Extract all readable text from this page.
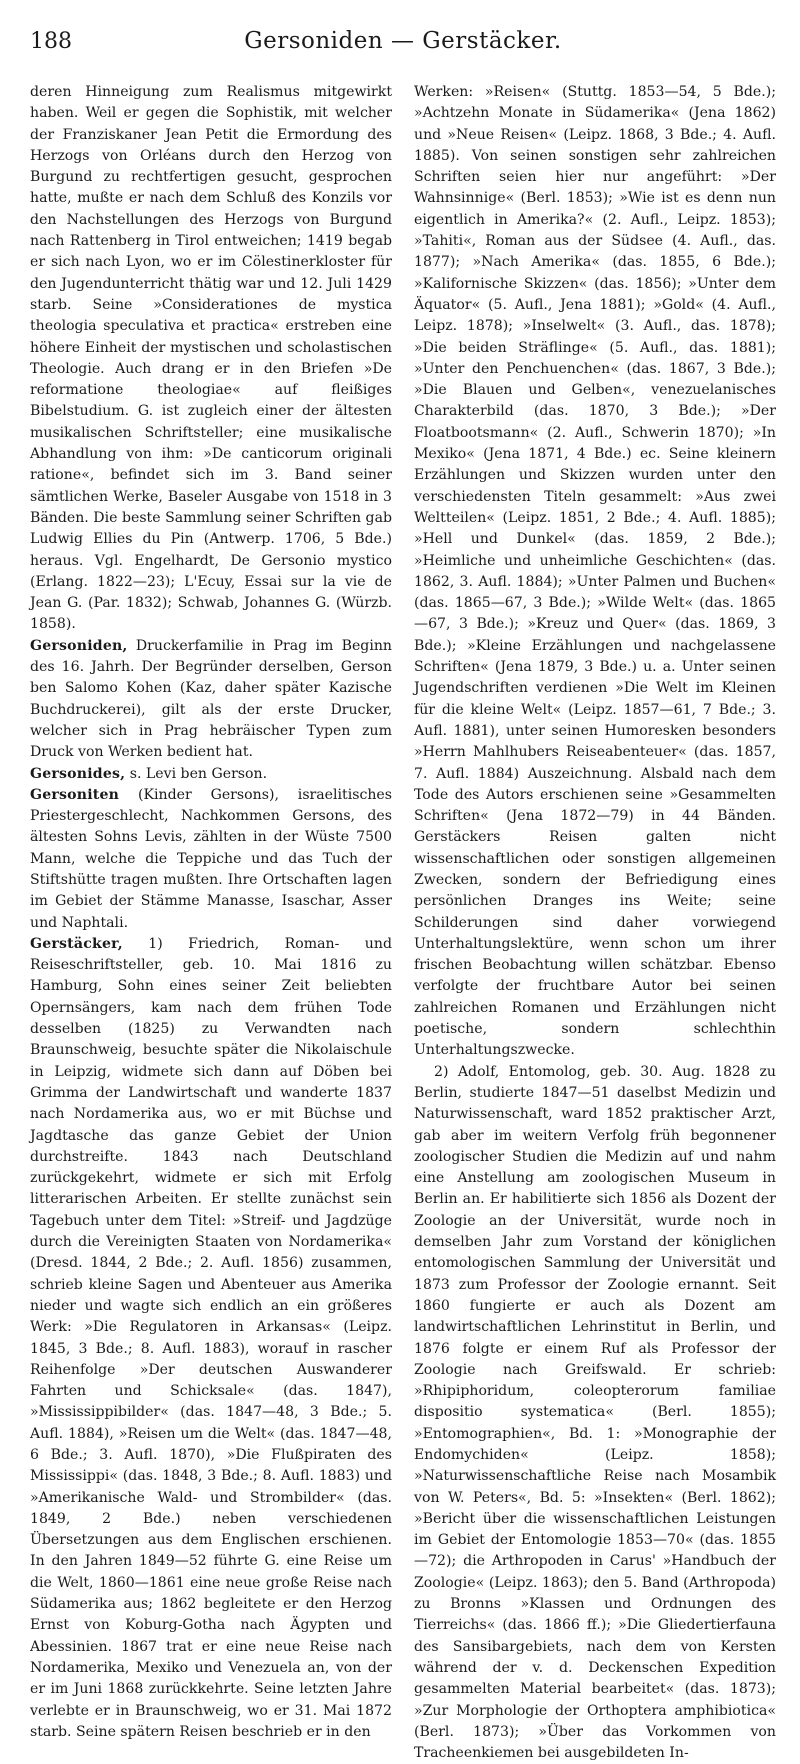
188	Gersoniden — Gerstäcker.

deren Hinneigung zum Realismus mitgewirkt haben. Weil er gegen die Sophistik, mit welcher der Franziskaner Jean Petit die Ermordung des Herzogs von Orléans durch den Herzog von Burgund zu rechtfertigen gesucht, gesprochen hatte, mußte er nach dem Schluß des Konzils vor den Nachstellungen des Herzogs von Burgund nach Rattenberg in Tirol entweichen; 1419 begab er sich nach Lyon, wo er im Cölestinerkloster für den Jugendunterricht thätig war und 12. Juli 1429 starb. Seine »Considerationes de mystica theologia speculativa et practica« erstreben eine höhere Einheit der mystischen und scholastischen Theologie. Auch drang er in den Briefen »De reformatione theologiae« auf fleißiges Bibelstudium. G. ist zugleich einer der ältesten musikalischen Schriftsteller; eine musikalische Abhandlung von ihm: »De canticorum originali ratione«, befindet sich im 3. Band seiner sämtlichen Werke, Baseler Ausgabe von 1518 in 3 Bänden. Die beste Sammlung seiner Schriften gab Ludwig Ellies du Pin (Antwerp. 1706, 5 Bde.) heraus. Vgl. Engelhardt, De Gersonio mystico (Erlang. 1822—23); L'Ecuy, Essai sur la vie de Jean G. (Par. 1832); Schwab, Johannes G. (Würzb. 1858).

Gersoniden, Druckerfamilie in Prag im Beginn des 16. Jahrh. Der Begründer derselben, Gerson ben Salomo Kohen (Kaz, daher später Kazische Buchdruckerei), gilt als der erste Drucker, welcher sich in Prag hebräischer Typen zum Druck von Werken bedient hat.

Gersonides, s. Levi ben Gerson.

Gersoniten (Kinder Gersons), israelitisches Priestergeschlecht, Nachkommen Gersons, des ältesten Sohns Levis, zählten in der Wüste 7500 Mann, welche die Teppiche und das Tuch der Stiftshütte tragen mußten. Ihre Ortschaften lagen im Gebiet der Stämme Manasse, Isaschar, Asser und Naphtali.

Gerstäcker, 1) Friedrich, Roman- und Reiseschriftsteller, geb. 10. Mai 1816 zu Hamburg, Sohn eines seiner Zeit beliebten Opernsängers, kam nach dem frühen Tode desselben (1825) zu Verwandten nach Braunschweig, besuchte später die Nikolaischule in Leipzig, widmete sich dann auf Döben bei Grimma der Landwirtschaft und wanderte 1837 nach Nordamerika aus, wo er mit Büchse und Jagdtasche das ganze Gebiet der Union durchstreifte. 1843 nach Deutschland zurückgekehrt, widmete er sich mit Erfolg litterarischen Arbeiten. Er stellte zunächst sein Tagebuch unter dem Titel: »Streif- und Jagdzüge durch die Vereinigten Staaten von Nordamerika« (Dresd. 1844, 2 Bde.; 2. Aufl. 1856) zusammen, schrieb kleine Sagen und Abenteuer aus Amerika nieder und wagte sich endlich an ein größeres Werk: »Die Regulatoren in Arkansas« (Leipz. 1845, 3 Bde.; 8. Aufl. 1883), worauf in rascher Reihenfolge »Der deutschen Auswanderer Fahrten und Schicksale« (das. 1847), »Mississippibilder« (das. 1847—48, 3 Bde.; 5. Aufl. 1884), »Reisen um die Welt« (das. 1847—48, 6 Bde.; 3. Aufl. 1870), »Die Flußpiraten des Mississippi« (das. 1848, 3 Bde.; 8. Aufl. 1883) und »Amerikanische Wald- und Strombilder« (das. 1849, 2 Bde.) neben verschiedenen Übersetzungen aus dem Englischen erschienen. In den Jahren 1849—52 führte G. eine Reise um die Welt, 1860—1861 eine neue große Reise nach Südamerika aus; 1862 begleitete er den Herzog Ernst von Koburg-Gotha nach Ägypten und Abessinien. 1867 trat er eine neue Reise nach Nordamerika, Mexiko und Venezuela an, von der er im Juni 1868 zurückkehrte. Seine letzten Jahre verlebte er in Braunschweig, wo er 31. Mai 1872 starb. Seine spätern Reisen beschrieb er in den

Werken: »Reisen« (Stuttg. 1853—54, 5 Bde.); »Achtzehn Monate in Südamerika« (Jena 1862) und »Neue Reisen« (Leipz. 1868, 3 Bde.; 4. Aufl. 1885). Von seinen sonstigen sehr zahlreichen Schriften seien hier nur angeführt: »Der Wahnsinnige« (Berl. 1853); »Wie ist es denn nun eigentlich in Amerika?« (2. Aufl., Leipz. 1853); »Tahiti«, Roman aus der Südsee (4. Aufl., das. 1877); »Nach Amerika« (das. 1855, 6 Bde.); »Kalifornische Skizzen« (das. 1856); »Unter dem Äquator« (5. Aufl., Jena 1881); »Gold« (4. Aufl., Leipz. 1878); »Inselwelt« (3. Aufl., das. 1878); »Die beiden Sträflinge« (5. Aufl., das. 1881); »Unter den Penchuenchen« (das. 1867, 3 Bde.); »Die Blauen und Gelben«, venezuelanisches Charakterbild (das. 1870, 3 Bde.); »Der Floatbootsmann« (2. Aufl., Schwerin 1870); »In Mexiko« (Jena 1871, 4 Bde.) ec. Seine kleinern Erzählungen und Skizzen wurden unter den verschiedensten Titeln gesammelt: »Aus zwei Weltteilen« (Leipz. 1851, 2 Bde.; 4. Aufl. 1885); »Hell und Dunkel« (das. 1859, 2 Bde.); »Heimliche und unheimliche Geschichten« (das. 1862, 3. Aufl. 1884); »Unter Palmen und Buchen« (das. 1865—67, 3 Bde.); »Wilde Welt« (das. 1865—67, 3 Bde.); »Kreuz und Quer« (das. 1869, 3 Bde.); »Kleine Erzählungen und nachgelassene Schriften« (Jena 1879, 3 Bde.) u. a. Unter seinen Jugendschriften verdienen »Die Welt im Kleinen für die kleine Welt« (Leipz. 1857—61, 7 Bde.; 3. Aufl. 1881), unter seinen Humoresken besonders »Herrn Mahlhubers Reiseabenteuer« (das. 1857, 7. Aufl. 1884) Auszeichnung. Alsbald nach dem Tode des Autors erschienen seine »Gesammelten Schriften« (Jena 1872—79) in 44 Bänden. Gerstäckers Reisen galten nicht wissenschaftlichen oder sonstigen allgemeinen Zwecken, sondern der Befriedigung eines persönlichen Dranges ins Weite; seine Schilderungen sind daher vorwiegend Unterhaltungslektüre, wenn schon um ihrer frischen Beobachtung willen schätzbar. Ebenso verfolgte der fruchtbare Autor bei seinen zahlreichen Romanen und Erzählungen nicht poetische, sondern schlechthin Unterhaltungszwecke.

2) Adolf, Entomolog, geb. 30. Aug. 1828 zu Berlin, studierte 1847—51 daselbst Medizin und Naturwissenschaft, ward 1852 praktischer Arzt, gab aber im weitern Verfolg früh begonnener zoologischer Studien die Medizin auf und nahm eine Anstellung am zoologischen Museum in Berlin an. Er habilitierte sich 1856 als Dozent der Zoologie an der Universität, wurde noch in demselben Jahr zum Vorstand der königlichen entomologischen Sammlung der Universität und 1873 zum Professor der Zoologie ernannt. Seit 1860 fungierte er auch als Dozent am landwirtschaftlichen Lehrinstitut in Berlin, und 1876 folgte er einem Ruf als Professor der Zoologie nach Greifswald. Er schrieb: »Rhipiphoridum, coleopterorum familiae dispositio systematica« (Berl. 1855); »Entomographien«, Bd. 1: »Monographie der Endomychiden« (Leipz. 1858); »Naturwissenschaftliche Reise nach Mosambik von W. Peters«, Bd. 5: »Insekten« (Berl. 1862); »Bericht über die wissenschaftlichen Leistungen im Gebiet der Entomologie 1853—70« (das. 1855—72); die Arthropoden in Carus' »Handbuch der Zoologie« (Leipz. 1863); den 5. Band (Arthropoda) zu Bronns »Klassen und Ordnungen des Tierreichs« (das. 1866 ff.); »Die Gliedertierfauna des Sansibargebiets, nach dem von Kersten während der v. d. Deckenschen Expedition gesammelten Material bearbeitet« (das. 1873); »Zur Morphologie der Orthoptera amphibiotica« (Berl. 1873); »Über das Vorkommen von Tracheenkiemen bei ausgebildeten In-
